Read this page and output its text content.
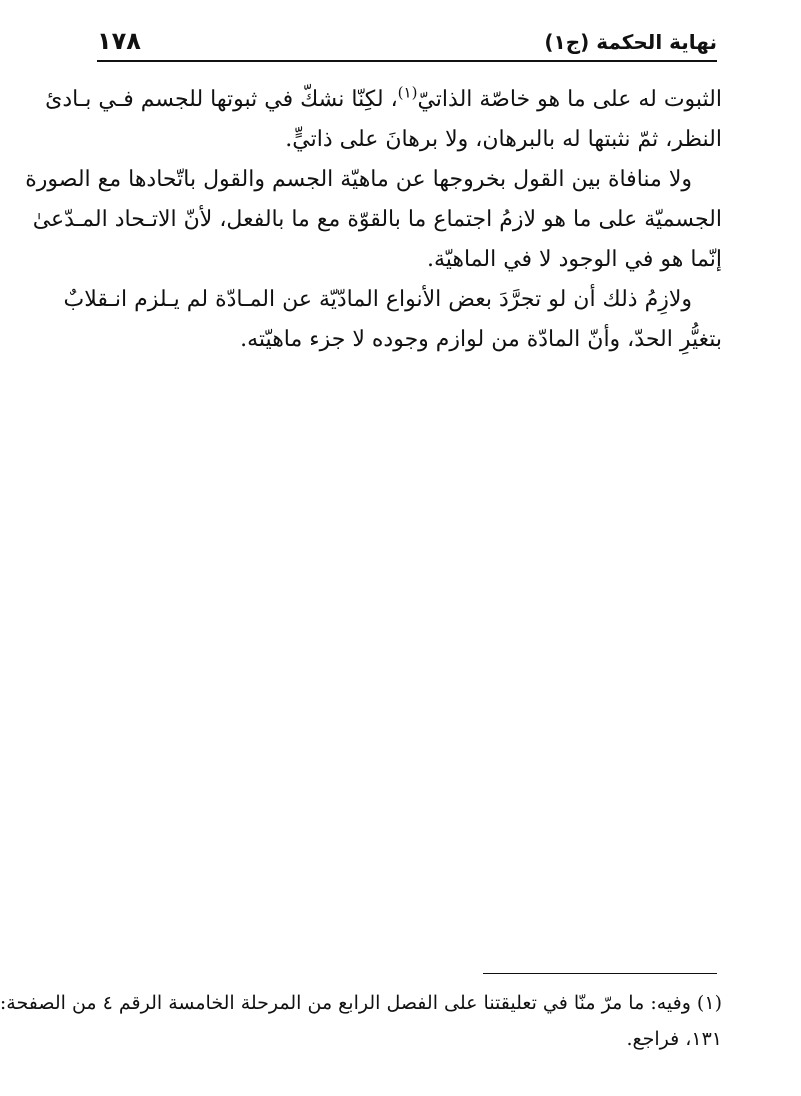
نهاية الحكمة (ج١)
١٧٨

الثبوت له على ما هو خاصّة الذاتيّ$^{(١)}$، لكِنّا نشكّ في ثبوتها للجسم فـي بـادئ
النظر، ثمّ نثبتها له بالبرهان، ولا برهانَ على ذاتيٍّ.

ولا منافاة بين القول بخروجها عن ماهيّة الجسم والقول باتّحادها مع الصورة
الجسميّة على ما هو لازمُ اجتماع ما بالقوّة مع ما بالفعل، لأنّ الاتـحاد المـدّعىٰ
إنّما هو في الوجود لا في الماهيّة.

ولازِمُ ذلك أن لو تجرَّدَ بعض الأنواع المادّيّة عن المـادّة لم يـلزم انـقلابٌ
بتغيُّرِ الحدّ، وأنّ المادّة من لوازم وجوده لا جزء ماهيّته.

(١) وفيه: ما مرّ منّا في تعليقتنا على الفصل الرابع من المرحلة الخامسة الرقم ٤ من الصفحة:
١٣١، فراجع.
